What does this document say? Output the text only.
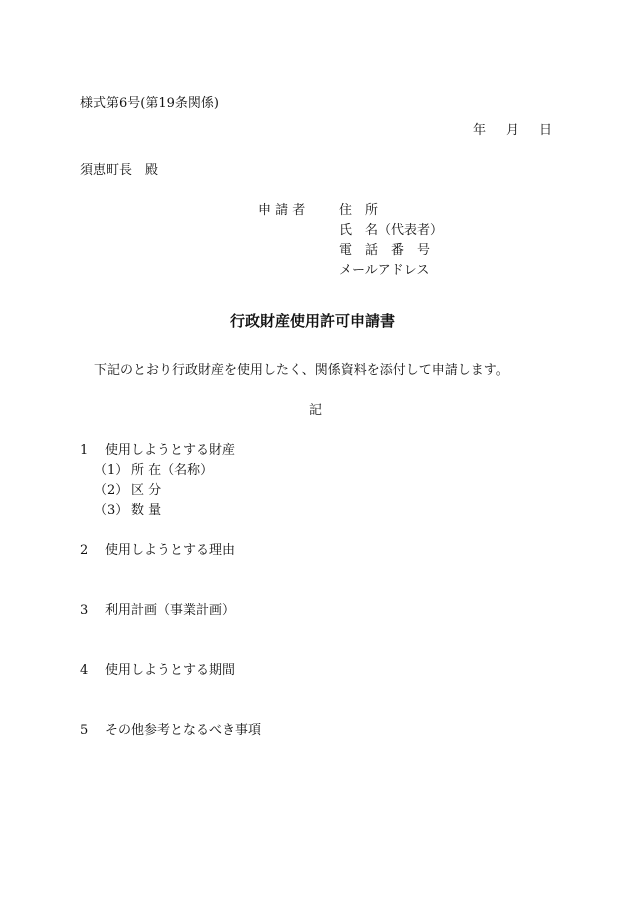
様式第6号(第19条関係)
年 月 日
須恵町長　殿
申 請 者	住　所
氏　名（代表者）
電　話　番　号
メールアドレス
行政財産使用許可申請書
下記のとおり行政財産を使用したく、関係資料を添付して申請します。
記
1 使用しようとする財産
（1） 所 在（名称）
（2） 区 分
（3） 数 量
2 使用しようとする理由
3 利用計画（事業計画）
4 使用しようとする期間
5 その他参考となるべき事項
